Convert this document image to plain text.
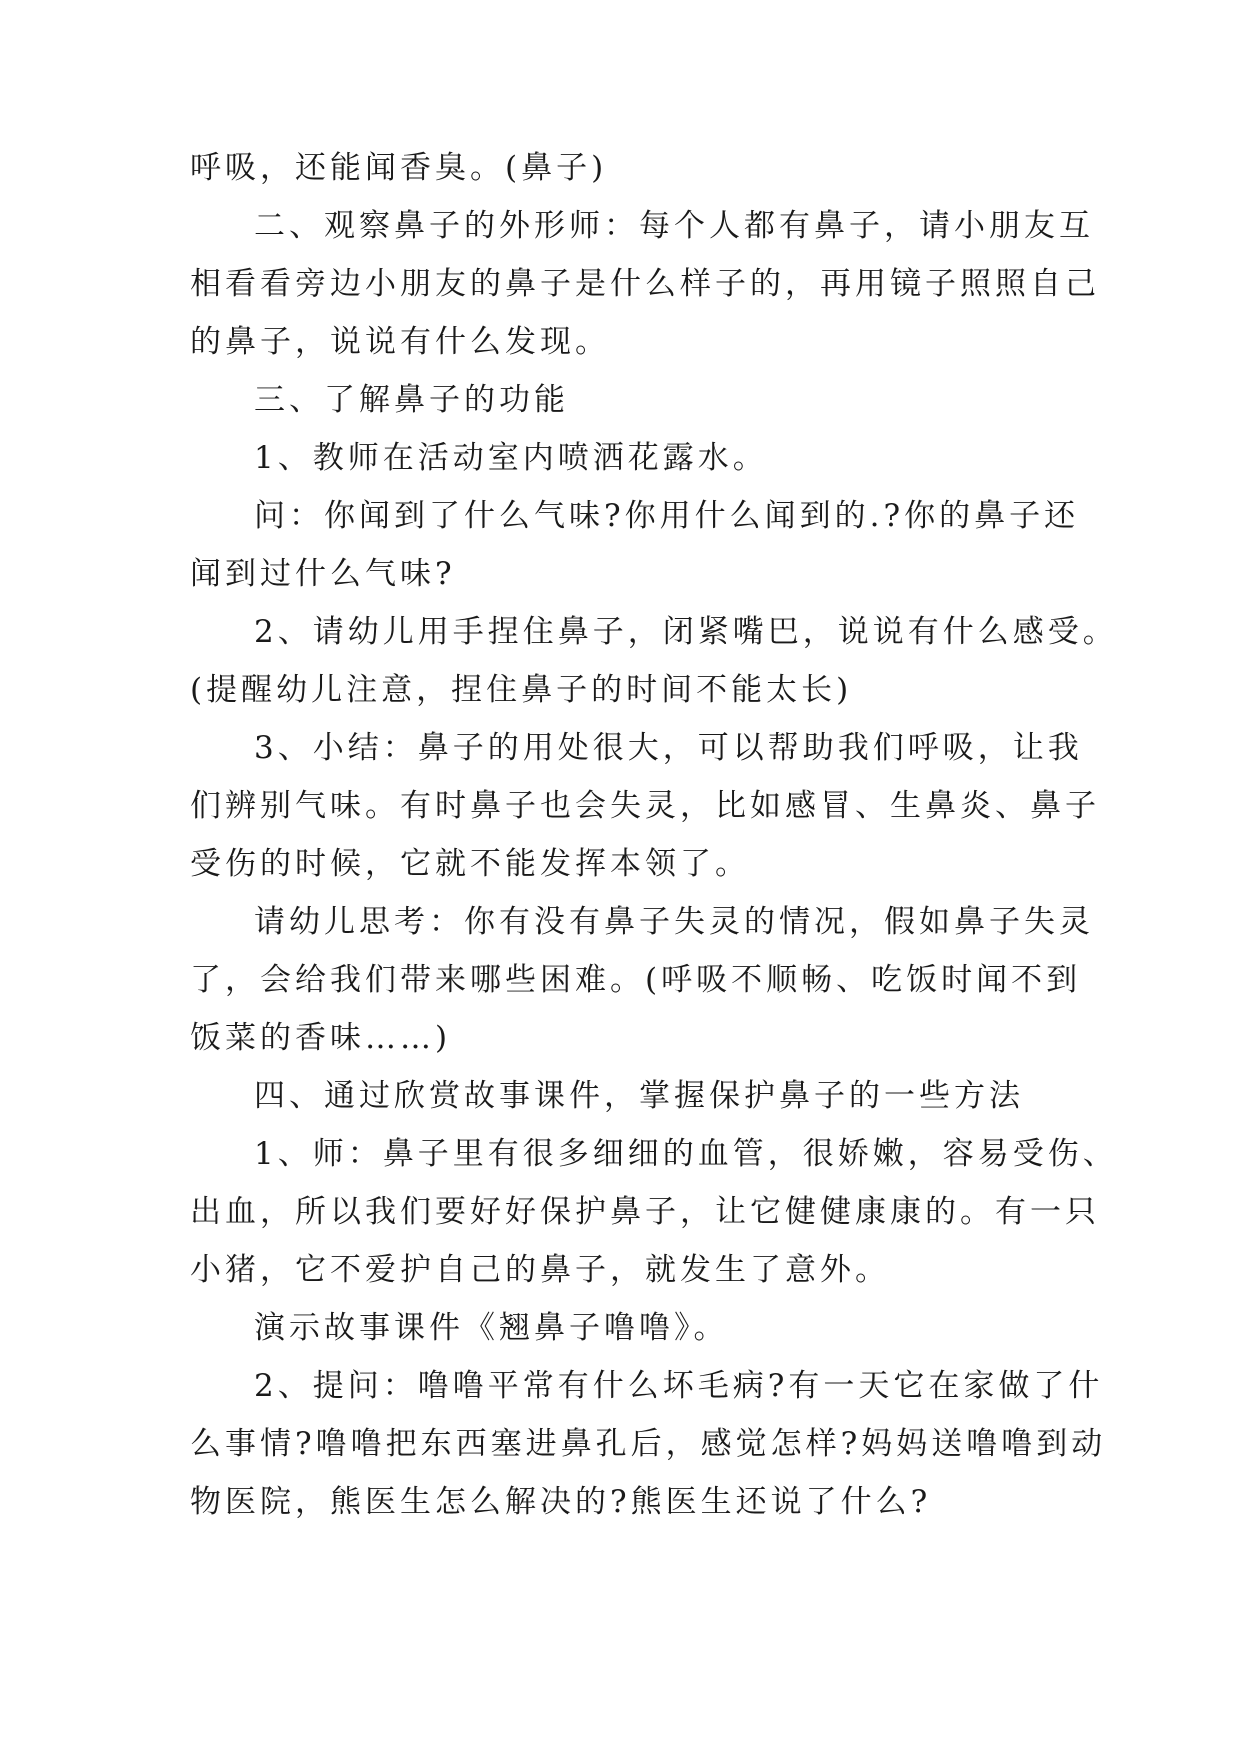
呼吸，还能闻香臭。(鼻子)
二、观察鼻子的外形师：每个人都有鼻子，请小朋友互
相看看旁边小朋友的鼻子是什么样子的，再用镜子照照自己
的鼻子，说说有什么发现。
三、了解鼻子的功能
1、教师在活动室内喷洒花露水。
问：你闻到了什么气味?你用什么闻到的.?你的鼻子还
闻到过什么气味?
2、请幼儿用手捏住鼻子，闭紧嘴巴，说说有什么感受。
(提醒幼儿注意，捏住鼻子的时间不能太长)
3、小结：鼻子的用处很大，可以帮助我们呼吸，让我
们辨别气味。有时鼻子也会失灵，比如感冒、生鼻炎、鼻子
受伤的时候，它就不能发挥本领了。
请幼儿思考：你有没有鼻子失灵的情况，假如鼻子失灵
了，会给我们带来哪些困难。(呼吸不顺畅、吃饭时闻不到
饭菜的香味……)
四、通过欣赏故事课件，掌握保护鼻子的一些方法
1、师：鼻子里有很多细细的血管，很娇嫩，容易受伤、
出血，所以我们要好好保护鼻子，让它健健康康的。有一只
小猪，它不爱护自己的鼻子，就发生了意外。
演示故事课件《翘鼻子噜噜》。
2、提问：噜噜平常有什么坏毛病?有一天它在家做了什
么事情?噜噜把东西塞进鼻孔后，感觉怎样?妈妈送噜噜到动
物医院，熊医生怎么解决的?熊医生还说了什么?
